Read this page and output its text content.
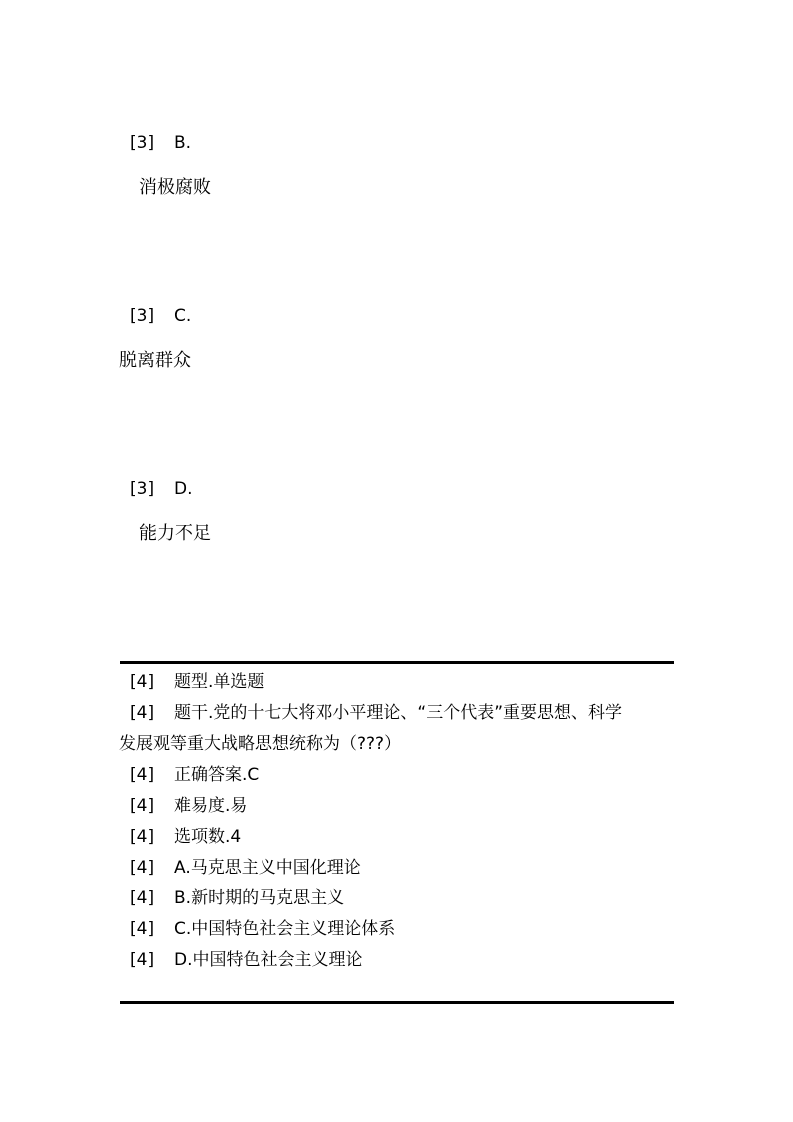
[3] B.
消极腐败
[3] C.
脱离群众
[3] D.
能力不足
[4] 题型.单选题
[4] 题干.党的十七大将邓小平理论、“三个代表”重要思想、科学
发展观等重大战略思想统称为（???）
[4] 正确答案.C
[4] 难易度.易
[4] 选项数.4
[4] A.马克思主义中国化理论
[4] B.新时期的马克思主义
[4] C.中国特色社会主义理论体系
[4] D.中国特色社会主义理论
